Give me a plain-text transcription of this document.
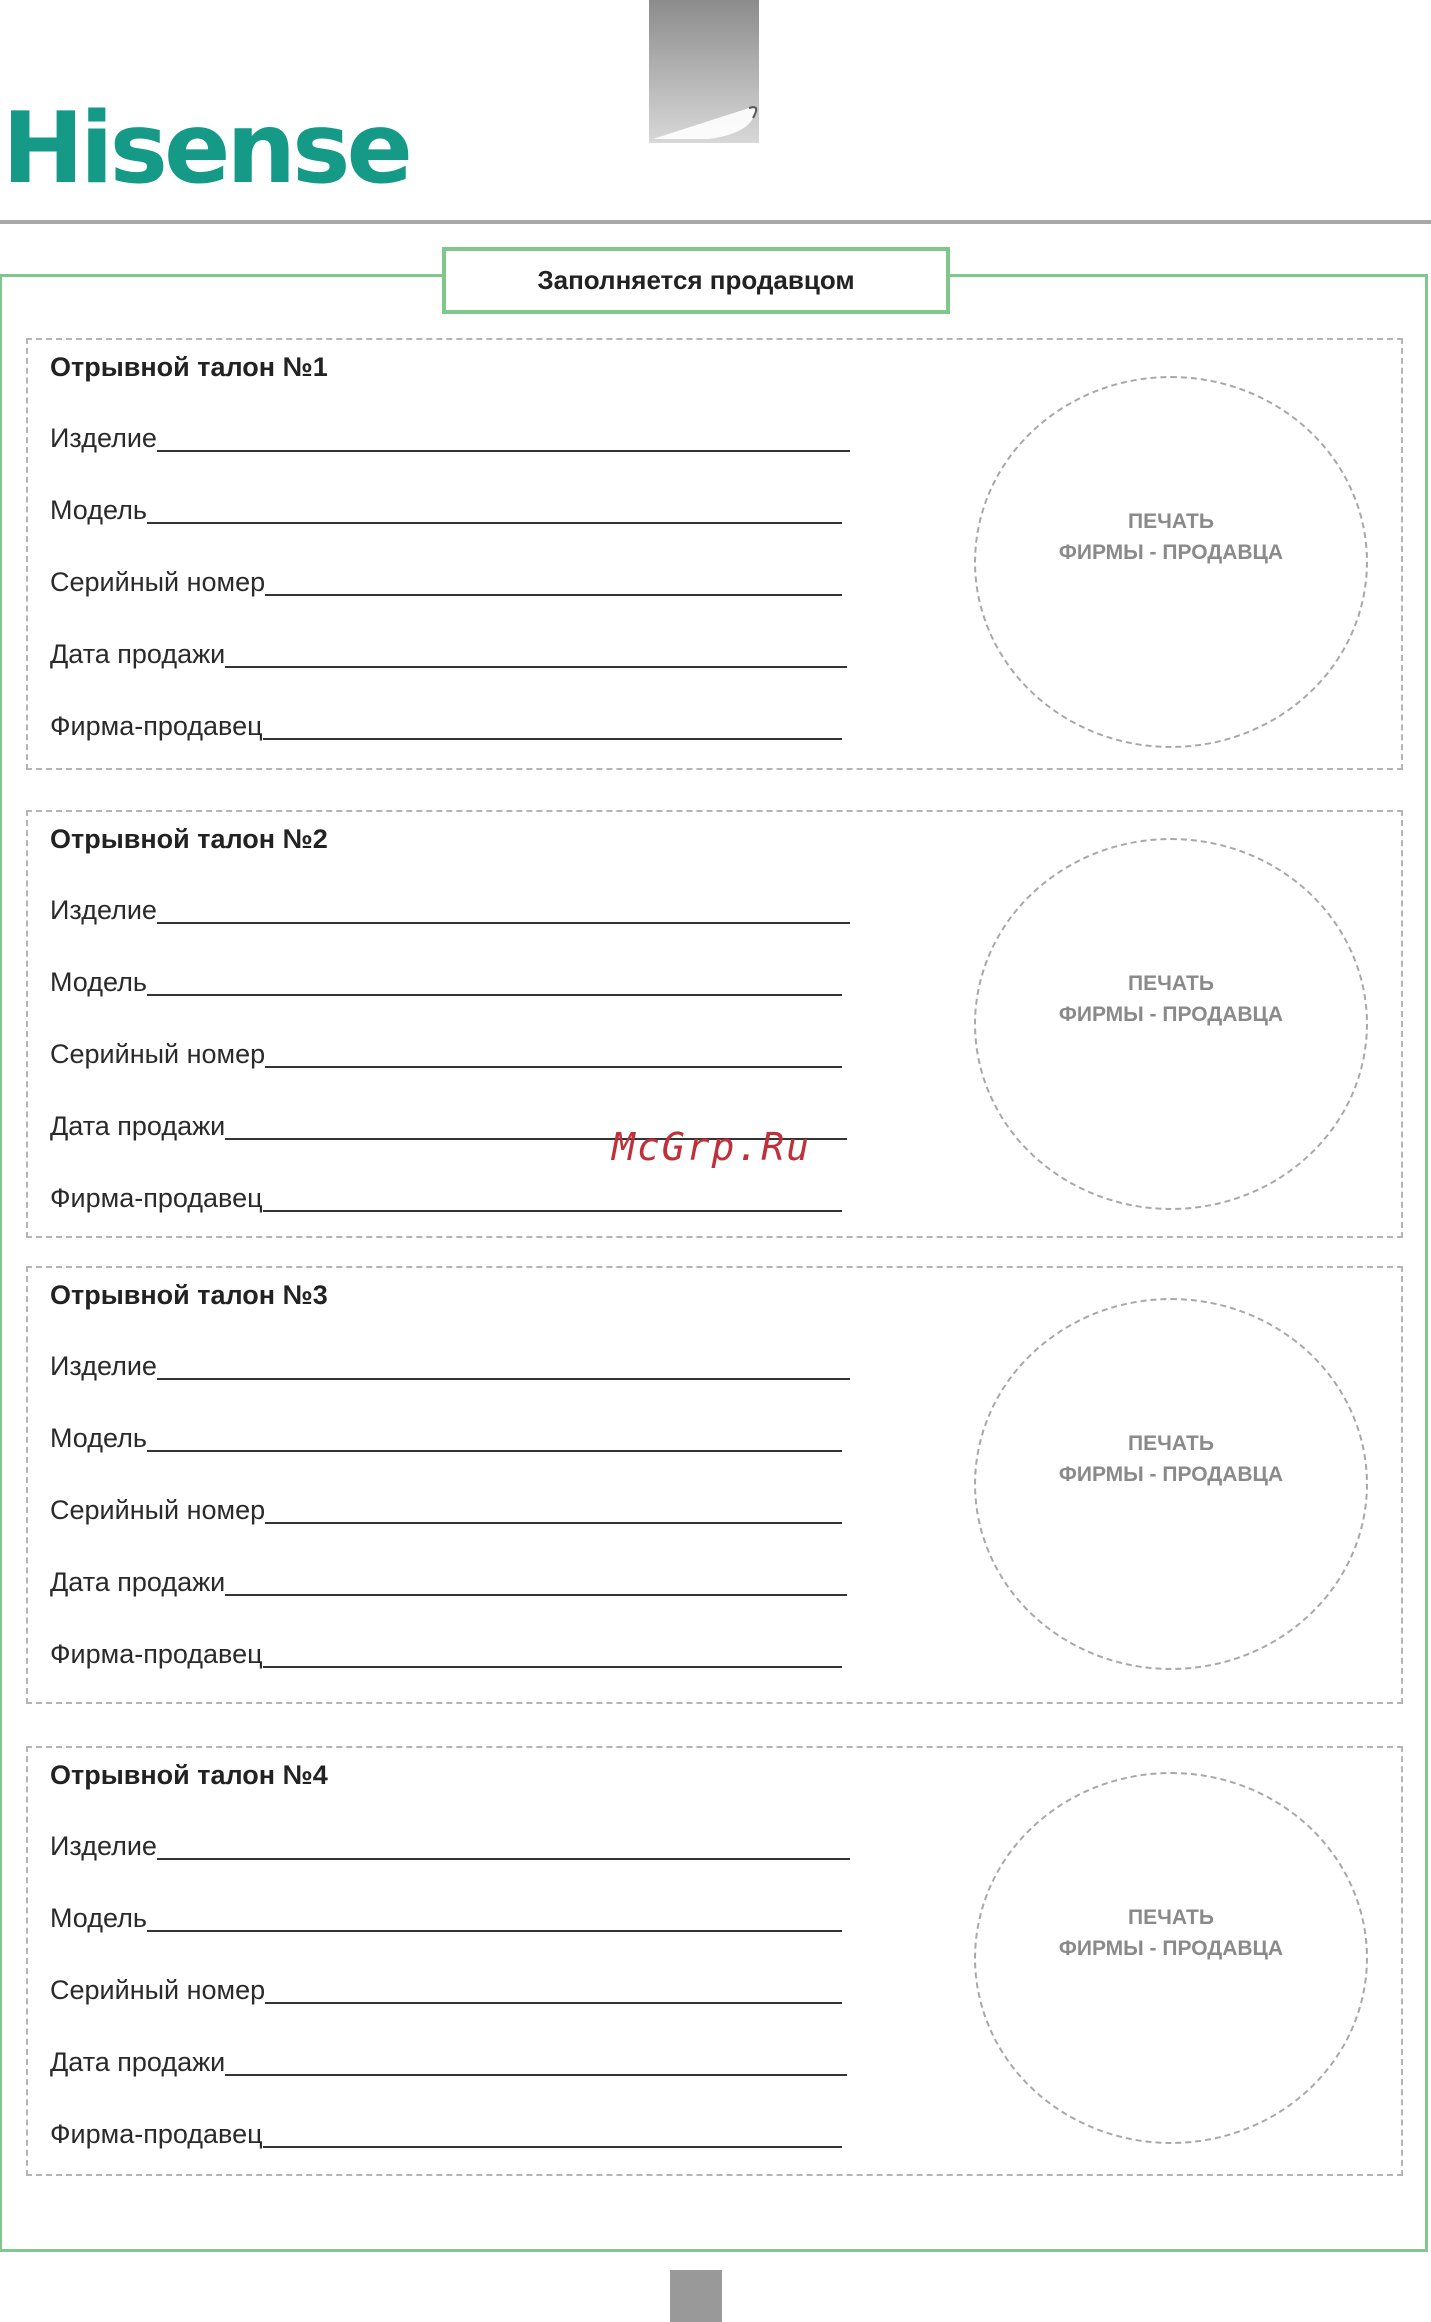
Hisense
Заполняется продавцом
Отрывной талон №1
Изделие
Модель
Серийный номер
Дата продажи
Фирма-продавец
ПЕЧАТЬ
ФИРМЫ - ПРОДАВЦА
Отрывной талон №2
Изделие
Модель
Серийный номер
Дата продажи
Фирма-продавец
ПЕЧАТЬ
ФИРМЫ - ПРОДАВЦА
Отрывной талон №3
Изделие
Модель
Серийный номер
Дата продажи
Фирма-продавец
ПЕЧАТЬ
ФИРМЫ - ПРОДАВЦА
Отрывной талон №4
Изделие
Модель
Серийный номер
Дата продажи
Фирма-продавец
ПЕЧАТЬ
ФИРМЫ - ПРОДАВЦА
McGrp.Ru
